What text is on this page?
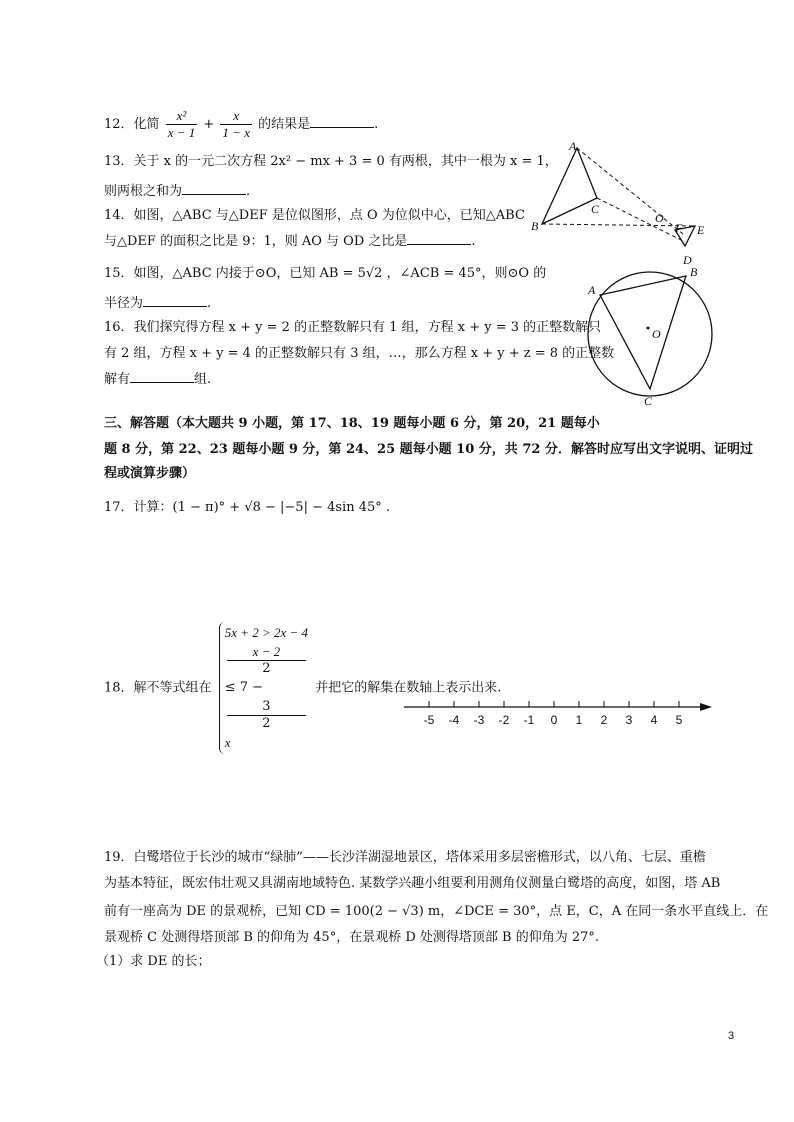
12．化简 $\frac{\text{x²}}{x - 1} + \frac{x}{1 - x}$ 的结果是	.
13．关于 x 的一元二次方程 2x² − mx + 3 = 0 有两根，其中一根为 x = 1，
则两根之和为	.
14．如图，△ABC 与△DEF 是位似图形，点 O 为位似中心，已知△ABC
与△DEF 的面积之比是 9：1，则 AO 与 OD 之比是	.
A
B
C
O
F E
D
15．如图，△ABC 内接于⊙O，已知 AB = 5√2 ，∠ACB = 45°，则⊙O 的
半径为	.
A
B
C
O
16．我们探究得方程 x + y = 2 的正整数解只有 1 组，方程 x + y = 3 的正整数解只
有 2 组，方程 x + y = 4 的正整数解只有 3 组，…，那么方程 x + y + z = 8 的正整数
解有	组.
三、解答题（本大题共 9 小题，第 17、18、19 题每小题 6 分，第 20，21 题每小
题 8 分，第 22、23 题每小题 9 分，第 24、25 题每小题 10 分，共 72 分．解答时应写出文字说明、证明过
程或演算步骤）
17．计算：(1 − π)° + √8 − |−5| − 4sin 45° .
18．解不等式组在
5x + 2 > 2x − 4
x − 2
2
≤ 7 −
3
2
x
并把它的解集在数轴上表示出来.
-5 -4 -3 -2 -1 0 1 2 3 4 5
19．白鹭塔位于长沙的城市“绿肺”——长沙洋湖湿地景区，塔体采用多层密檐形式，以八角、七层、重檐
为基本特征，既宏伟壮观又具湖南地域特色. 某数学兴趣小组要利用测角仪测量白鹭塔的高度，如图，塔 AB
前有一座高为 DE 的景观桥，已知 CD = 100(2 − √3) m，∠DCE = 30°，点 E，C，A 在同一条水平直线上．在
景观桥 C 处测得塔顶部 B 的仰角为 45°，在景观桥 D 处测得塔顶部 B 的仰角为 27°.
（1）求 DE 的长；
3
